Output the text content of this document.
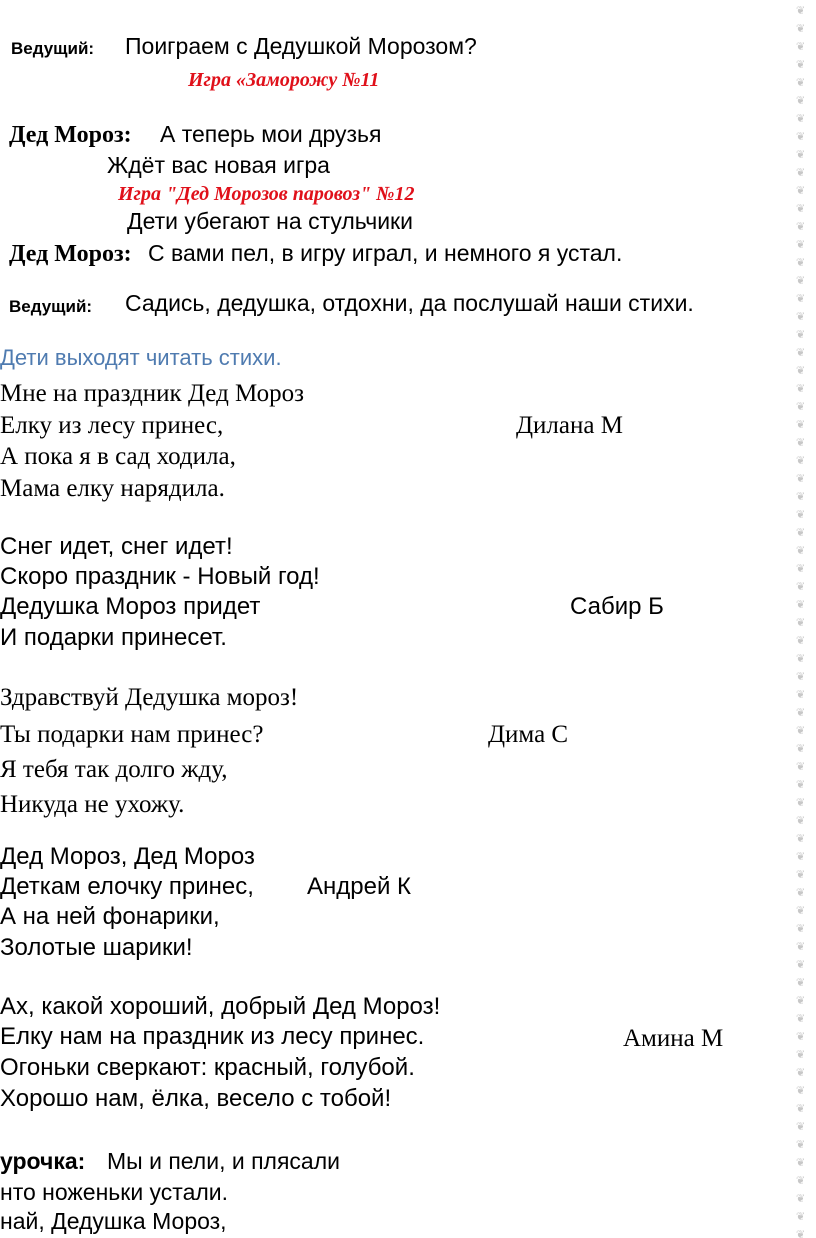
Ведущий: Поиграем с Дедушкой Морозом?
Игра «Заморожу №11
Дед Мороз: А теперь мои друзья
Ждёт вас новая игра
Игра "Дед Морозов паровоз" №12
Дети убегают на стульчики
Дед Мороз: С вами пел, в игру играл, и немного я устал.
Ведущий: Садись, дедушка, отдохни, да послушай наши стихи.
Дети выходят читать стихи.
Мне на праздник Дед Мороз
Елку из лесу принес,	Дилана М
А пока я в сад ходила,
Мама елку нарядила.
Снег идет, снег идет!
Скоро праздник - Новый год!
Дедушка Мороз придет	Сабир Б
И подарки принесет.
Здравствуй Дедушка мороз!
Ты подарки нам принес?	Дима С
Я тебя так долго жду,
Никуда не ухожу.
Дед Мороз, Дед Мороз
Деткам елочку принес, Андрей К
А на ней фонарики,
Золотые шарики!
Ах, какой хороший, добрый Дед Мороз!
Елку нам на праздник из лесу принес.	Амина М
Огоньки сверкают: красный, голубой.
Хорошо нам, ёлка, весело с тобой!
урочка: Мы и пели, и плясали
нто ноженьки устали.
най, Дедушка Мороз,
❦
❦
❦
❦
❦
❦
❦
❦
❦
❦
❦
❦
❦
❦
❦
❦
❦
❦
❦
❦
❦
❦
❦
❦
❦
❦
❦
❦
❦
❦
❦
❦
❦
❦
❦
❦
❦
❦
❦
❦
❦
❦
❦
❦
❦
❦
❦
❦
❦
❦
❦
❦
❦
❦
❦
❦
❦
❦
❦
❦
❦
❦
❦
❦
❦
❦
❦
❦
❦
